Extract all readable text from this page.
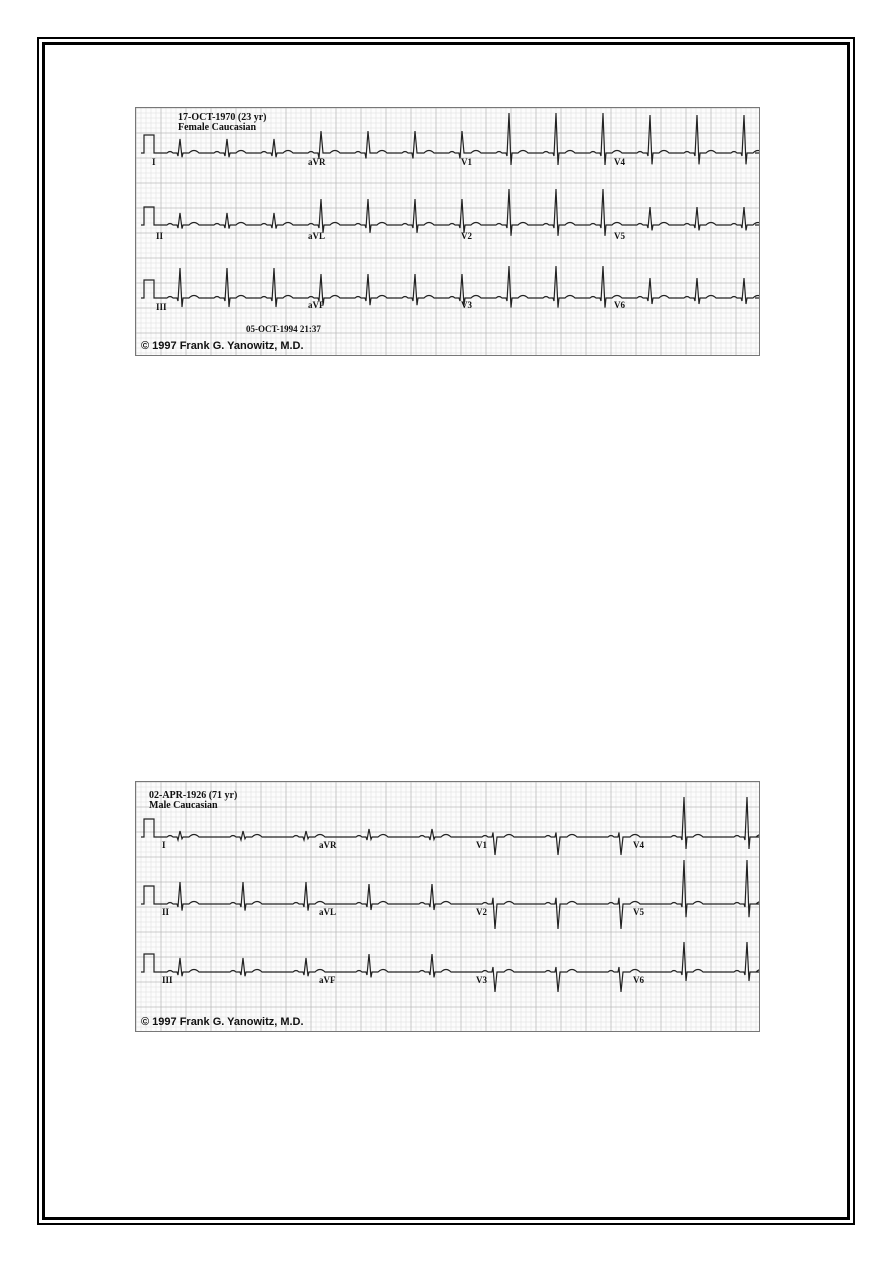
17-OCT-1970 (23 yr)
Female Caucasian
I	aVR	V1	V4
II	aVL	V2	V5
III	aVF	V3	V6
05-OCT-1994 21:37
© 1997 Frank G. Yanowitz, M.D.
02-APR-1926 (71 yr)
Male Caucasian
I	aVR	V1	V4
II	aVL	V2	V5
III	aVF	V3	V6
© 1997 Frank G. Yanowitz, M.D.
